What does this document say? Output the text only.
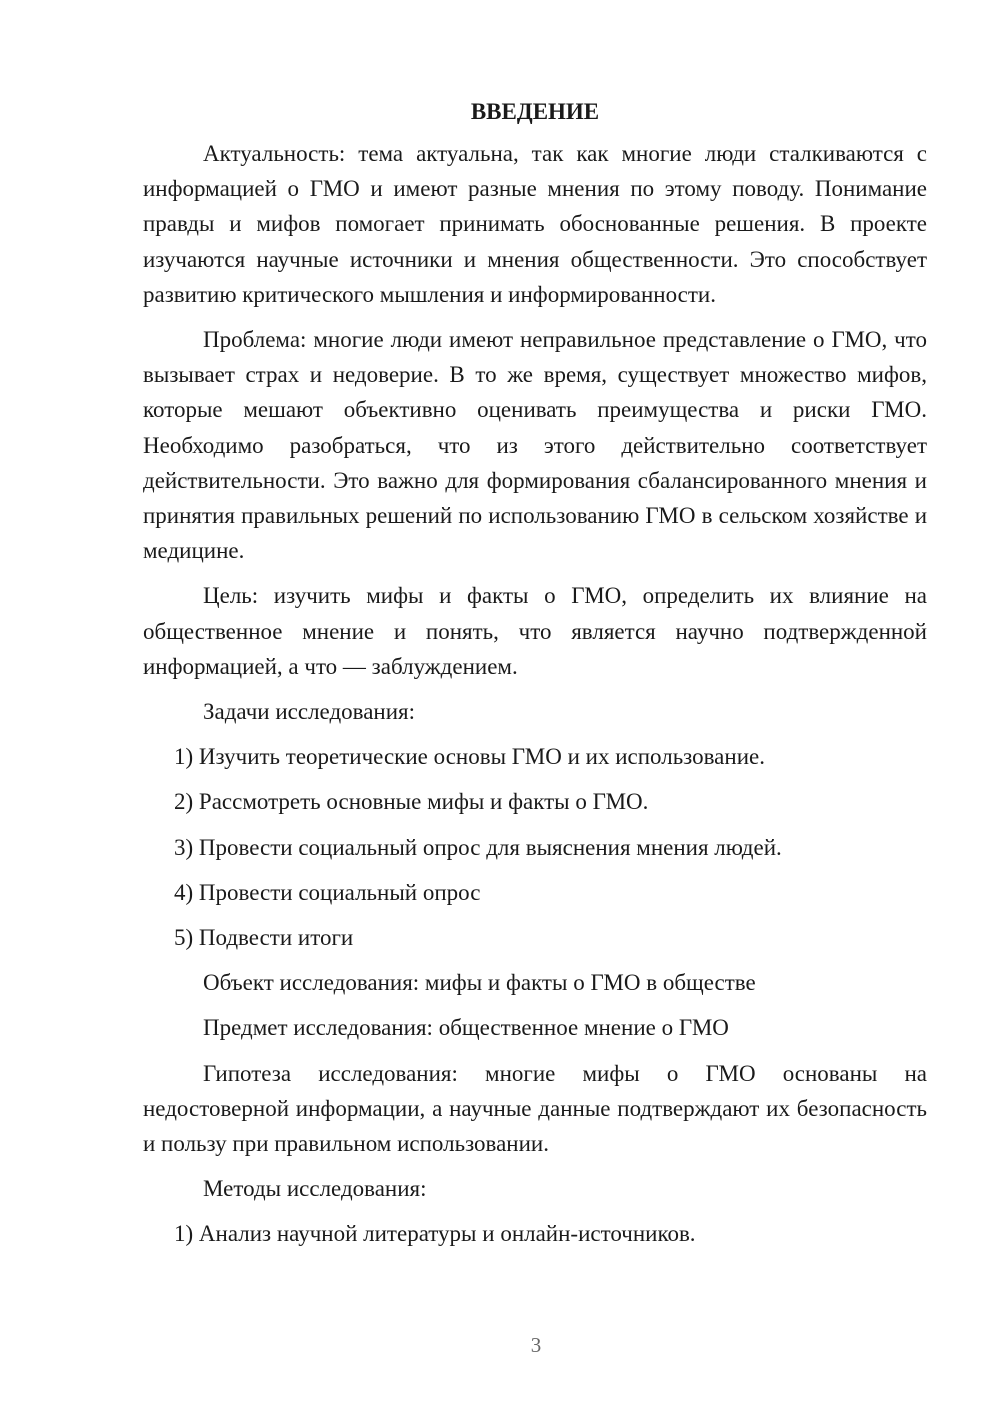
ВВЕДЕНИЕ

Актуальность: тема актуальна, так как многие люди сталкиваются с информацией о ГМО и имеют разные мнения по этому поводу. Понимание правды и мифов помогает принимать обоснованные решения. В проекте изучаются научные источники и мнения общественности. Это способствует развитию критического мышления и информированности.

Проблема: многие люди имеют неправильное представление о ГМО, что вызывает страх и недоверие. В то же время, существует множество мифов, которые мешают объективно оценивать преимущества и риски ГМО. Необходимо разобраться, что из этого действительно соответствует действительности. Это важно для формирования сбалансированного мнения и принятия правильных решений по использованию ГМО в сельском хозяйстве и медицине.

Цель: изучить мифы и факты о ГМО, определить их влияние на общественное мнение и понять, что является научно подтвержденной информацией, а что — заблуждением.

Задачи исследования:
1) Изучить теоретические основы ГМО и их использование.
2) Рассмотреть основные мифы и факты о ГМО.
3) Провести социальный опрос для выяснения мнения людей.
4) Провести социальный опрос
5) Подвести итоги
Объект исследования: мифы и факты о ГМО в обществе
Предмет исследования: общественное мнение о ГМО

Гипотеза исследования: многие мифы о ГМО основаны на недостоверной информации, а научные данные подтверждают их безопасность и пользу при правильном использовании.

Методы исследования:
1) Анализ научной литературы и онлайн-источников.
3
